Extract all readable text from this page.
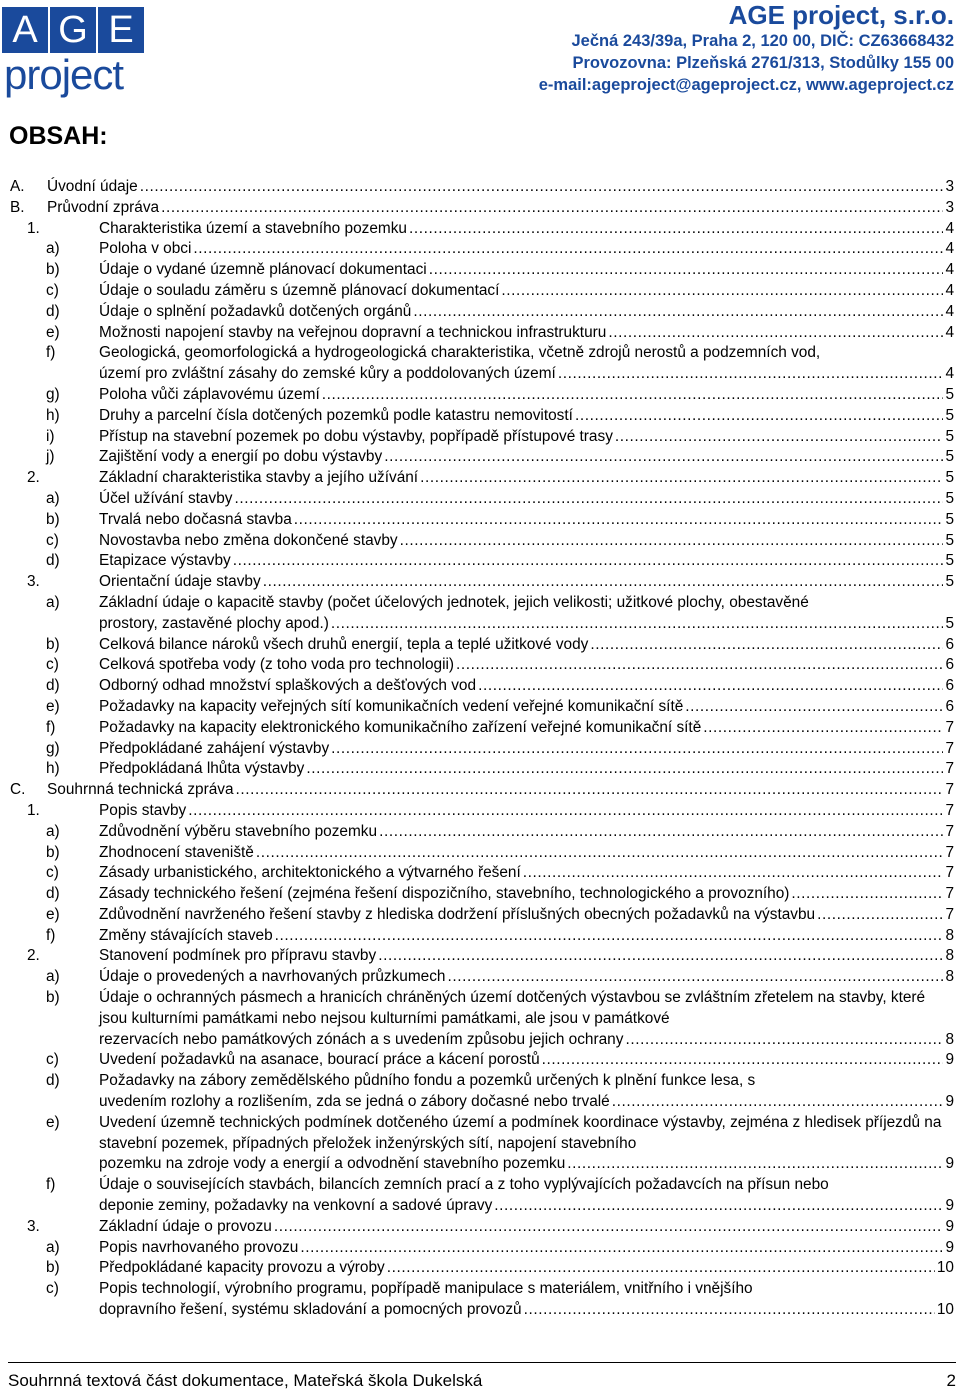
A G E
project
AGE project, s.r.o.
Ječná 243/39a, Praha 2, 120 00, DIČ: CZ63668432
Provozovna: Plzeňská 2761/313, Stodůlky 155 00
e-mail:ageproject@ageproject.cz, www.ageproject.cz
OBSAH:
A. Úvodní údaje .....	3
B. Průvodní zpráva .....	3
1.	Charakteristika území a stavebního pozemku .....	4
a)	Poloha v obci .....	4
b)	Údaje o vydané územně plánovací dokumentaci .....	4
c)	Údaje o souladu záměru s územně plánovací dokumentací .....	4
d)	Údaje o splnění požadavků dotčených orgánů .....	4
e)	Možnosti napojení stavby na veřejnou dopravní a technickou infrastrukturu .....	4
f)	Geologická, geomorfologická a hydrogeologická charakteristika, včetně zdrojů nerostů a podzemních vod,
území pro zvláštní zásahy do zemské kůry a poddolovaných území .....	4
g)	Poloha vůči záplavovému území .....	5
h)	Druhy a parcelní čísla dotčených pozemků podle katastru nemovitostí .....	5
i)	Přístup na stavební pozemek po dobu výstavby, popřípadě přístupové trasy .....	5
j)	Zajištění vody a energií po dobu výstavby .....	5
2.	Základní charakteristika stavby a jejího užívání .....	5
a)	Účel užívání stavby .....	5
b)	Trvalá nebo dočasná stavba .....	5
c)	Novostavba nebo změna dokončené stavby .....	5
d)	Etapizace výstavby .....	5
3.	Orientační údaje stavby .....	5
a)	Základní údaje o kapacitě stavby (počet účelových jednotek, jejich velikosti; užitkové plochy, obestavěné
prostory, zastavěné plochy apod.) .....	5
b)	Celková bilance nároků všech druhů energií, tepla a teplé užitkové vody .....	6
c)	Celková spotřeba vody (z toho voda pro technologii) .....	6
d)	Odborný odhad množství splaškových a dešťových vod .....	6
e)	Požadavky na kapacity veřejných sítí komunikačních vedení veřejné komunikační sítě .....	6
f)	Požadavky na kapacity elektronického komunikačního zařízení veřejné komunikační sítě .....	7
g)	Předpokládané zahájení výstavby .....	7
h)	Předpokládaná lhůta výstavby .....	7
C. Souhrnná technická zpráva .....	7
1.	Popis stavby .....	7
a)	Zdůvodnění výběru stavebního pozemku .....	7
b)	Zhodnocení staveniště .....	7
c)	Zásady urbanistického, architektonického a výtvarného řešení .....	7
d)	Zásady technického řešení (zejména řešení dispozičního, stavebního, technologického a provozního) .....	7
e)	Zdůvodnění navrženého řešení stavby z hlediska dodržení příslušných obecných požadavků na výstavbu .....	7
f)	Změny stávajících staveb .....	8
2.	Stanovení podmínek pro přípravu stavby .....	8
a)	Údaje o provedených a navrhovaných průzkumech .....	8
b)	Údaje o ochranných pásmech a hranicích chráněných území dotčených výstavbou se zvláštním zřetelem na stavby, které jsou kulturními památkami nebo nejsou kulturními památkami, ale jsou v památkové
rezervacích nebo památkových zónách a s uvedením způsobu jejich ochrany .....	8
c)	Uvedení požadavků na asanace, bourací práce a kácení porostů .....	9
d)	Požadavky na zábory zemědělského půdního fondu a pozemků určených k plnění funkce lesa, s
uvedením rozlohy a rozlišením, zda se jedná o zábory dočasné nebo trvalé .....	9
e)	Uvedení územně technických podmínek dotčeného území a podmínek koordinace výstavby, zejména z hledisek příjezdů na stavební pozemek, případných přeložek inženýrských sítí, napojení stavebního
pozemku na zdroje vody a energií a odvodnění stavebního pozemku .....	9
f)	Údaje o souvisejících stavbách, bilancích zemních prací a z toho vyplývajících požadavcích na přísun nebo
deponie zeminy, požadavky na venkovní a sadové úpravy .....	9
3.	Základní údaje o provozu .....	9
a)	Popis navrhovaného provozu .....	9
b)	Předpokládané kapacity provozu a výroby .....	10
c)	Popis technologií, výrobního programu, popřípadě manipulace s materiálem, vnitřního i vnějšího
dopravního řešení, systému skladování a pomocných provozů .....	10
Souhrnná textová část dokumentace, Mateřská škola Dukelská	2
